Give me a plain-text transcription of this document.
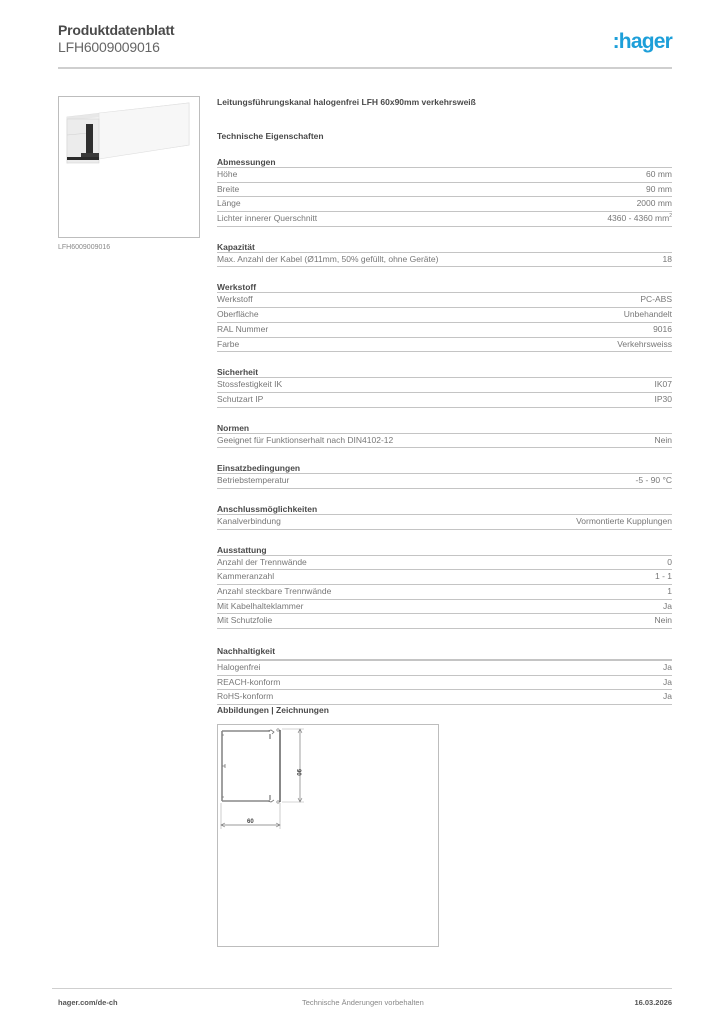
Produktdatenblatt
LFH6009009016	:hager
LFH6009009016
Leitungsführungskanal halogenfrei LFH 60x90mm verkehrsweiß
Technische Eigenschaften
Abmessungen
Höhe	60 mm
Breite	90 mm
Länge	2000 mm
Lichter innerer Querschnitt	4360 - 4360 $mm^2$
Kapazität
Max. Anzahl der Kabel (Ø11mm, 50% gefüllt, ohne Geräte)	18
Werkstoff
Werkstoff	PC-ABS
Oberfläche	Unbehandelt
RAL Nummer	9016
Farbe	Verkehrsweiss
Sicherheit
Stossfestigkeit IK	IK07
Schutzart IP	IP30
Normen
Geeignet für Funktionserhalt nach DIN4102-12	Nein
Einsatzbedingungen
Betriebstemperatur	-5 - 90 °C
Anschlussmöglichkeiten
Kanalverbindung	Vormontierte Kupplungen
Ausstattung
Anzahl der Trennwände	0
Kammeranzahl	1 - 1
Anzahl steckbare Trennwände	1
Mit Kabelhalteklammer	Ja
Mit Schutzfolie	Nein
Nachhaltigkeit
Halogenfrei	Ja
REACH-konform	Ja
RoHS-konform	Ja
Abbildungen | Zeichnungen
90
60
hager.com/de-ch	Technische Änderungen vorbehalten	16.03.2026
